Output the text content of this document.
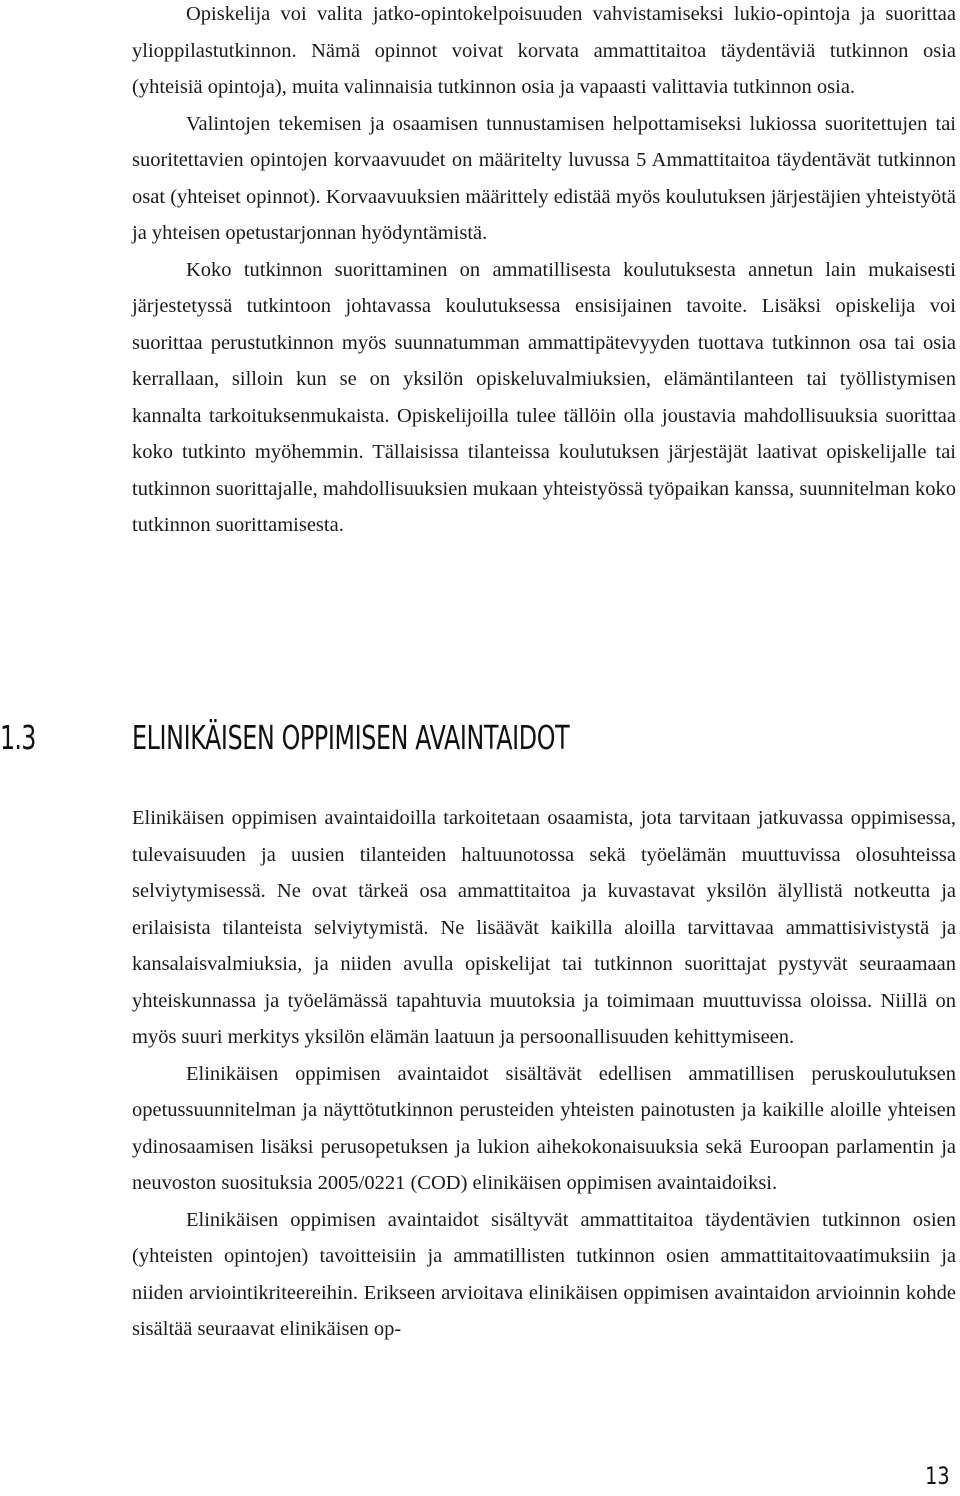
Opiskelija voi valita jatko-opintokelpoisuuden vahvistamiseksi lukio-opintoja ja suorittaa ylioppilastutkinnon. Nämä opinnot voivat korvata ammattitaitoa täydentäviä tutkinnon osia (yhteisiä opintoja), muita valinnaisia tutkinnon osia ja vapaasti valittavia tutkinnon osia.

Valintojen tekemisen ja osaamisen tunnustamisen helpottamiseksi lukiossa suoritettujen tai suoritettavien opintojen korvaavuudet on määritelty luvussa 5 Ammattitaitoa täydentävät tutkinnon osat (yhteiset opinnot). Korvaavuuksien määrittely edistää myös koulutuksen järjestäjien yhteistyötä ja yhteisen opetustarjonnan hyödyntämistä.

Koko tutkinnon suorittaminen on ammatillisesta koulutuksesta annetun lain mukaisesti järjestetyssä tutkintoon johtavassa koulutuksessa ensisijainen tavoite. Lisäksi opiskelija voi suorittaa perustutkinnon myös suunnatumman ammattipätevyyden tuottava tutkinnon osa tai osia kerrallaan, silloin kun se on yksilön opiskeluvalmiuksien, elämäntilanteen tai työllistymisen kannalta tarkoituksenmukaista. Opiskelijoilla tulee tällöin olla joustavia mahdollisuuksia suorittaa koko tutkinto myöhemmin. Tällaisissa tilanteissa koulutuksen järjestäjät laativat opiskelijalle tai tutkinnon suorittajalle, mahdollisuuksien mukaan yhteistyössä työpaikan kanssa, suunnitelman koko tutkinnon suorittamisesta.

1.3	ELINIKÄISEN OPPIMISEN AVAINTAIDOT

Elinikäisen oppimisen avaintaidoilla tarkoitetaan osaamista, jota tarvitaan jatkuvassa oppimisessa, tulevaisuuden ja uusien tilanteiden haltuunotossa sekä työelämän muuttuvissa olosuhteissa selviytymisessä. Ne ovat tärkeä osa ammattitaitoa ja kuvastavat yksilön älyllistä notkeutta ja erilaisista tilanteista selviytymistä. Ne lisäävät kaikilla aloilla tarvittavaa ammattisivistystä ja kansalaisvalmiuksia, ja niiden avulla opiskelijat tai tutkinnon suorittajat pystyvät seuraamaan yhteiskunnassa ja työelämässä tapahtuvia muutoksia ja toimimaan muuttuvissa oloissa. Niillä on myös suuri merkitys yksilön elämän laatuun ja persoonallisuuden kehittymiseen.

Elinikäisen oppimisen avaintaidot sisältävät edellisen ammatillisen peruskoulutuksen opetussuunnitelman ja näyttötutkinnon perusteiden yhteisten painotusten ja kaikille aloille yhteisen ydinosaamisen lisäksi perusopetuksen ja lukion aihekokonaisuuksia sekä Euroopan parlamentin ja neuvoston suosituksia 2005/0221 (COD) elinikäisen oppimisen avaintaidoiksi.

Elinikäisen oppimisen avaintaidot sisältyvät ammattitaitoa täydentävien tutkinnon osien (yhteisten opintojen) tavoitteisiin ja ammatillisten tutkinnon osien ammattitaitovaatimuksiin ja niiden arviointikriteereihin. Erikseen arvioitava elinikäisen oppimisen avaintaidon arvioinnin kohde sisältää seuraavat elinikäisen op-

13
